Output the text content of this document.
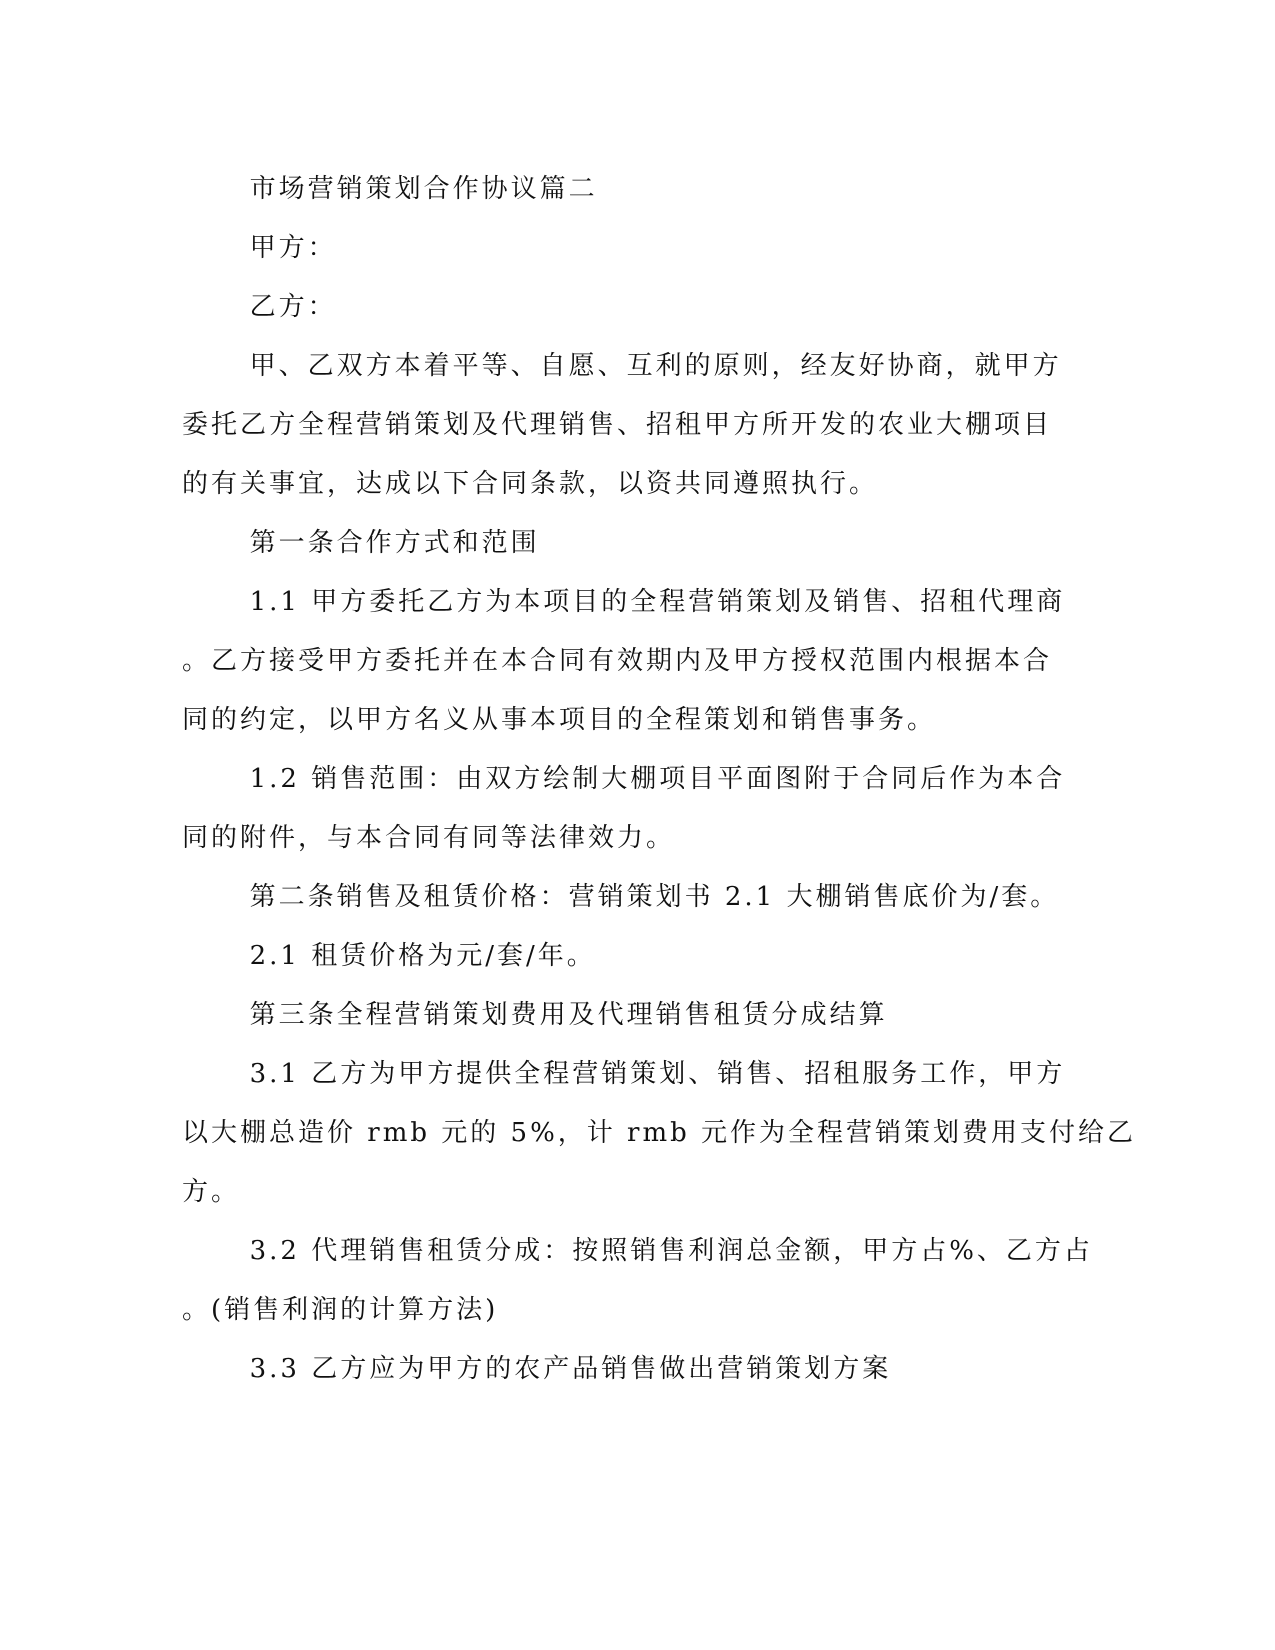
市场营销策划合作协议篇二

甲方：

乙方：

甲、乙双方本着平等、自愿、互利的原则，经友好协商，就甲方
委托乙方全程营销策划及代理销售、招租甲方所开发的农业大棚项目
的有关事宜，达成以下合同条款，以资共同遵照执行。

第一条合作方式和范围

1.1 甲方委托乙方为本项目的全程营销策划及销售、招租代理商
。乙方接受甲方委托并在本合同有效期内及甲方授权范围内根据本合
同的约定，以甲方名义从事本项目的全程策划和销售事务。

1.2 销售范围：由双方绘制大棚项目平面图附于合同后作为本合
同的附件，与本合同有同等法律效力。

第二条销售及租赁价格：营销策划书 2.1 大棚销售底价为/套。

2.1 租赁价格为元/套/年。

第三条全程营销策划费用及代理销售租赁分成结算

3.1 乙方为甲方提供全程营销策划、销售、招租服务工作，甲方
以大棚总造价 rmb 元的 5%，计 rmb 元作为全程营销策划费用支付给乙
方。

3.2 代理销售租赁分成：按照销售利润总金额，甲方占%、乙方占
。(销售利润的计算方法)

3.3 乙方应为甲方的农产品销售做出营销策划方案
